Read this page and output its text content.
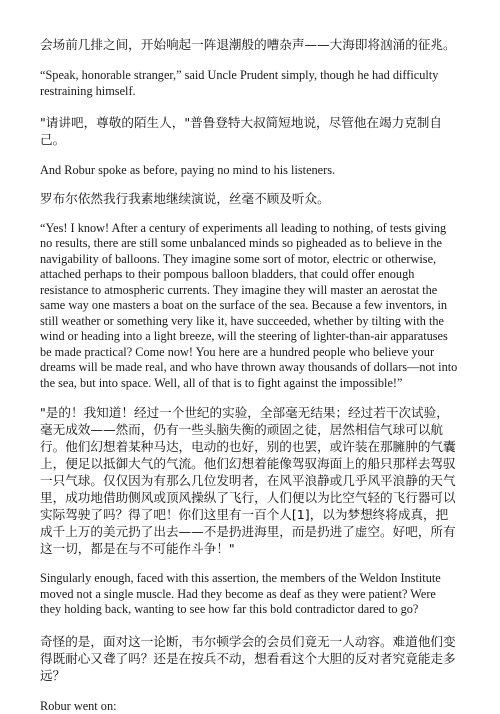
会场前几排之间，开始响起一阵退潮般的嘈杂声——大海即将汹涌的征兆。

“Speak, honorable stranger,” said Uncle Prudent simply, though he had difficulty restraining himself.

"请讲吧，尊敬的陌生人，"普鲁登特大叔简短地说，尽管他在竭力克制自己。

And Robur spoke as before, paying no mind to his listeners.

罗布尔依然我行我素地继续演说，丝毫不顾及听众。

“Yes! I know! After a century of experiments all leading to nothing, of tests giving no results, there are still some unbalanced minds so pigheaded as to believe in the navigability of balloons. They imagine some sort of motor, electric or otherwise, attached perhaps to their pompous balloon bladders, that could offer enough resistance to atmospheric currents. They imagine they will master an aerostat the same way one masters a boat on the surface of the sea. Because a few inventors, in still weather or something very like it, have succeeded, whether by tilting with the wind or heading into a light breeze, will the steering of lighter-than-air apparatuses be made practical? Come now! You here are a hundred people who believe your dreams will be made real, and who have thrown away thousands of dollars—not into the sea, but into space. Well, all of that is to fight against the impossible!”

"是的！我知道！经过一个世纪的实验，全部毫无结果；经过若干次试验，毫无成效——然而，仍有一些头脑失衡的顽固之徒，居然相信气球可以航行。他们幻想着某种马达，电动的也好，别的也罢，或许装在那臃肿的气囊上，便足以抵御大气的气流。他们幻想着能像驾驭海面上的船只那样去驾驭一只气球。仅仅因为有那么几位发明者，在风平浪静或几乎风平浪静的天气里，成功地借助侧风或顶风操纵了飞行，人们便以为比空气轻的飞行器可以实际驾驶了吗？得了吧！你们这里有一百个人[1]，以为梦想终将成真，把成千上万的美元扔了出去——不是扔进海里，而是扔进了虚空。好吧，所有这一切，都是在与不可能作斗争！"

Singularly enough, faced with this assertion, the members of the Weldon Institute moved not a single muscle. Had they become as deaf as they were patient? Were they holding back, wanting to see how far this bold contradictor dared to go?

奇怪的是，面对这一论断，韦尔顿学会的会员们竟无一人动容。难道他们变得既耐心又聋了吗？还是在按兵不动，想看看这个大胆的反对者究竟能走多远？

Robur went on:
